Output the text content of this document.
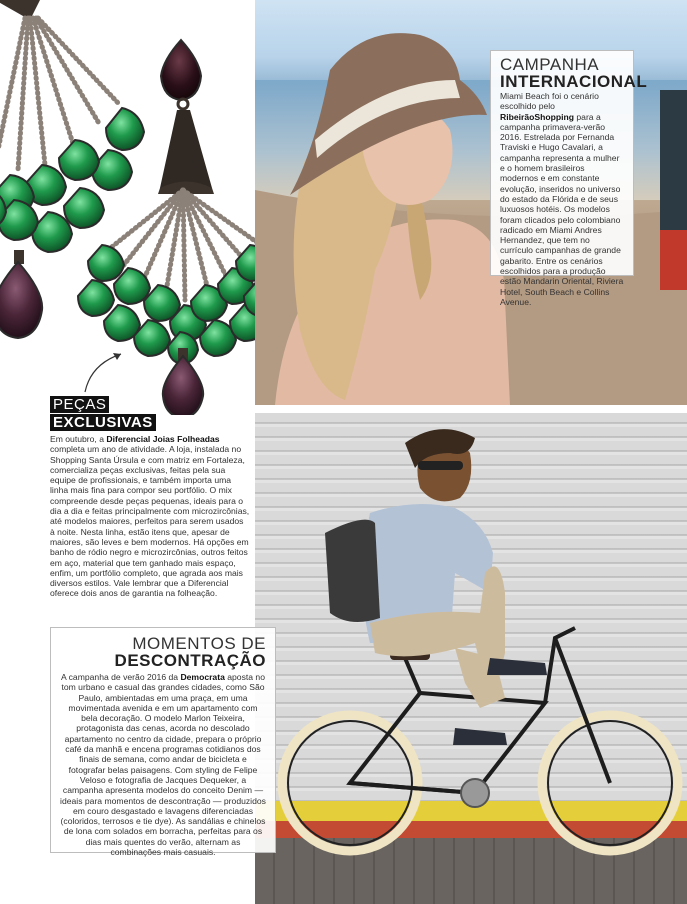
CAMPANHA
INTERNACIONAL
Miami Beach foi o cenário escolhido pelo RibeirãoShopping para a campanha primavera-verão 2016. Estrelada por Fernanda Traviski e Hugo Cavalari, a campanha representa a mulher e o homem brasileiros modernos e em constante evolução, inseridos no universo do estado da Flórida e de seus luxuosos hotéis. Os modelos foram clicados pelo colombiano radicado em Miami Andres Hernandez, que tem no currículo campanhas de grande gabarito. Entre os cenários escolhidos para a produção estão Mandarin Oriental, Riviera Hotel, South Beach e Collins Avenue.
PEÇAS
EXCLUSIVAS
Em outubro, a Diferencial Joias Folheadas completa um ano de atividade. A loja, instalada no Shopping Santa Úrsula e com matriz em Fortaleza, comercializa peças exclusivas, feitas pela sua equipe de profissionais, e também importa uma linha mais fina para compor seu portfólio. O mix compreende desde peças pequenas, ideais para o dia a dia e feitas principalmente com microzircônias, até modelos maiores, perfeitos para serem usados à noite. Nesta linha, estão itens que, apesar de maiores, são leves e bem modernos. Há opções em banho de ródio negro e microzircônias, outros feitos em aço, material que tem ganhado mais espaço, enfim, um portfólio completo, que agrada aos mais diversos estilos. Vale lembrar que a Diferencial oferece dois anos de garantia na folheação.
MOMENTOS DE
DESCONTRAÇÃO
A campanha de verão 2016 da Democrata aposta no tom urbano e casual das grandes cidades, como São Paulo, ambientadas em uma praça, em uma movimentada avenida e em um apartamento com bela decoração. O modelo Marlon Teixeira, protagonista das cenas, acorda no descolado apartamento no centro da cidade, prepara o próprio café da manhã e encena programas cotidianos dos finais de semana, como andar de bicicleta e fotografar belas paisagens. Com styling de Felipe Veloso e fotografia de Jacques Dequeker, a campanha apresenta modelos do conceito Denim — ideais para momentos de descontração — produzidos em couro desgastado e lavagens diferenciadas (coloridos, terrosos e tie dye). As sandálias e chinelos de lona com solados em borracha, perfeitas para os dias mais quentes do verão, alternam as combinações mais casuais.
